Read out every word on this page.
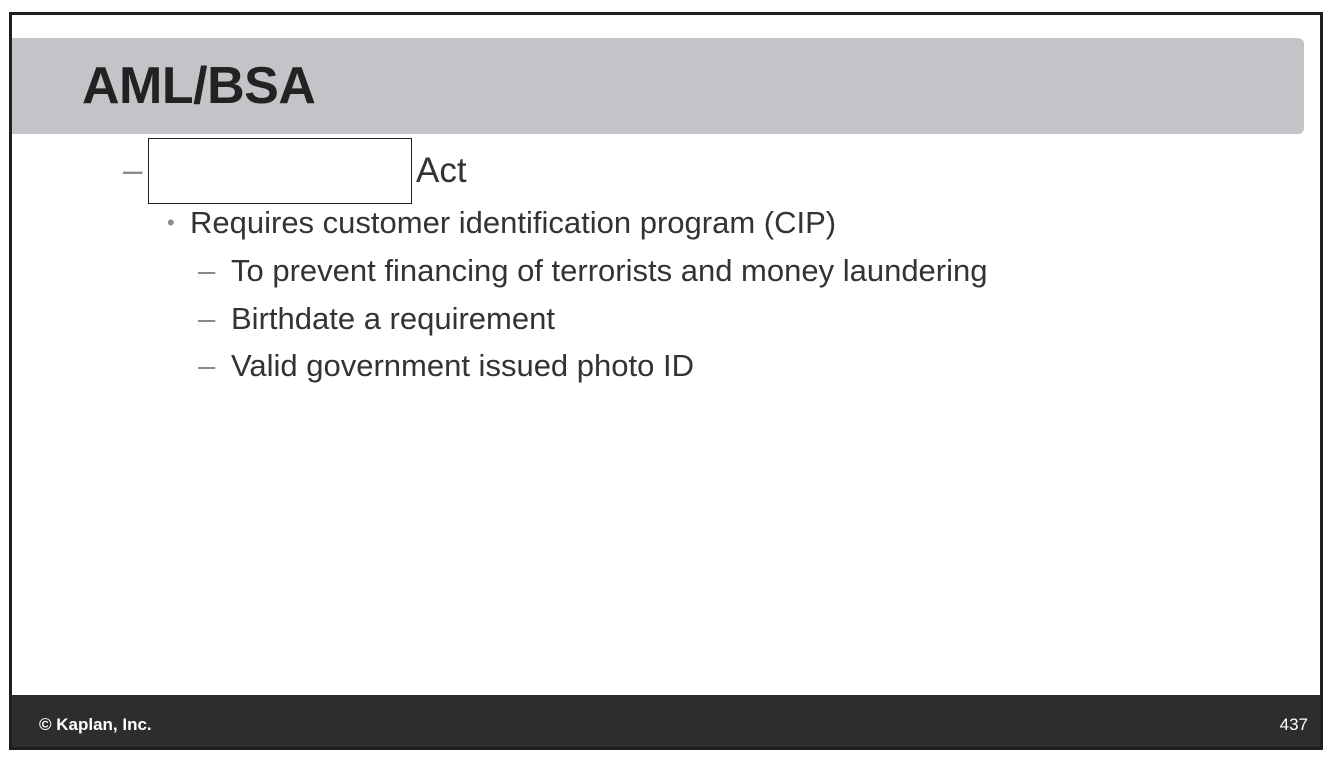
AML/BSA
–	Act
• Requires customer identification program (CIP)
– To prevent financing of terrorists and money laundering
– Birthdate a requirement
– Valid government issued photo ID
© Kaplan, Inc.	437
